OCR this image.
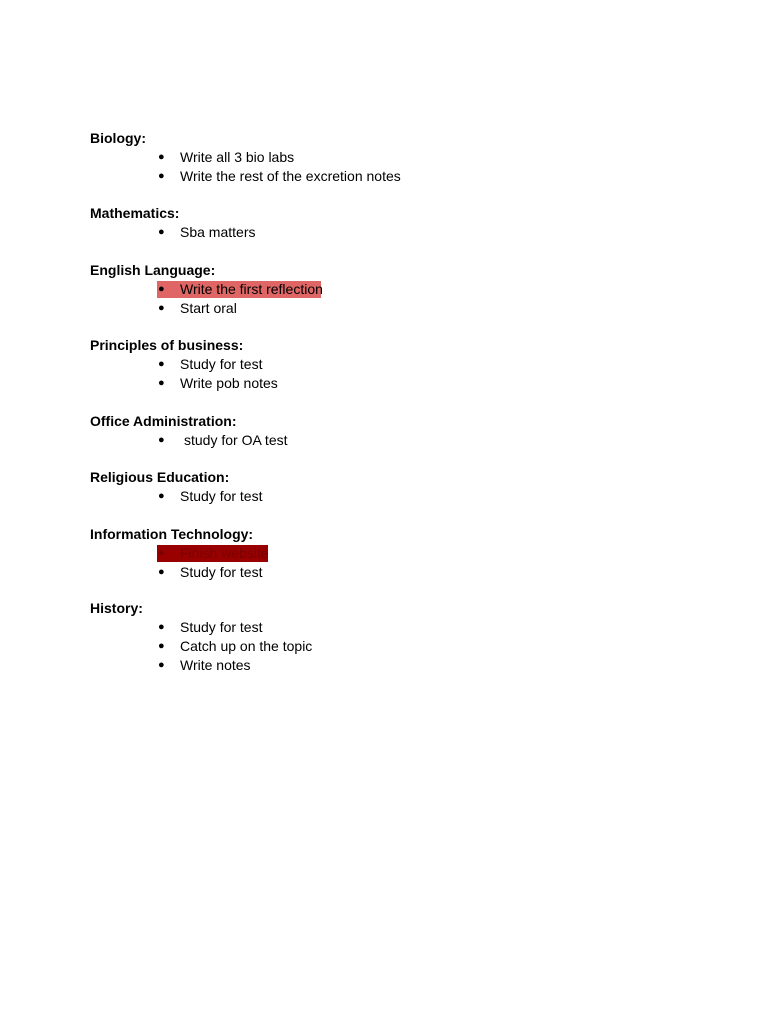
Biology:
● Write all 3 bio labs
● Write the rest of the excretion notes
Mathematics:
● Sba matters
English Language:
● Write the first reflection
● Start oral
Principles of business:
● Study for test
● Write pob notes
Office Administration:
● study for OA test
Religious Education:
● Study for test
Information Technology:
● Finish website
● Study for test
History:
● Study for test
● Catch up on the topic
● Write notes
